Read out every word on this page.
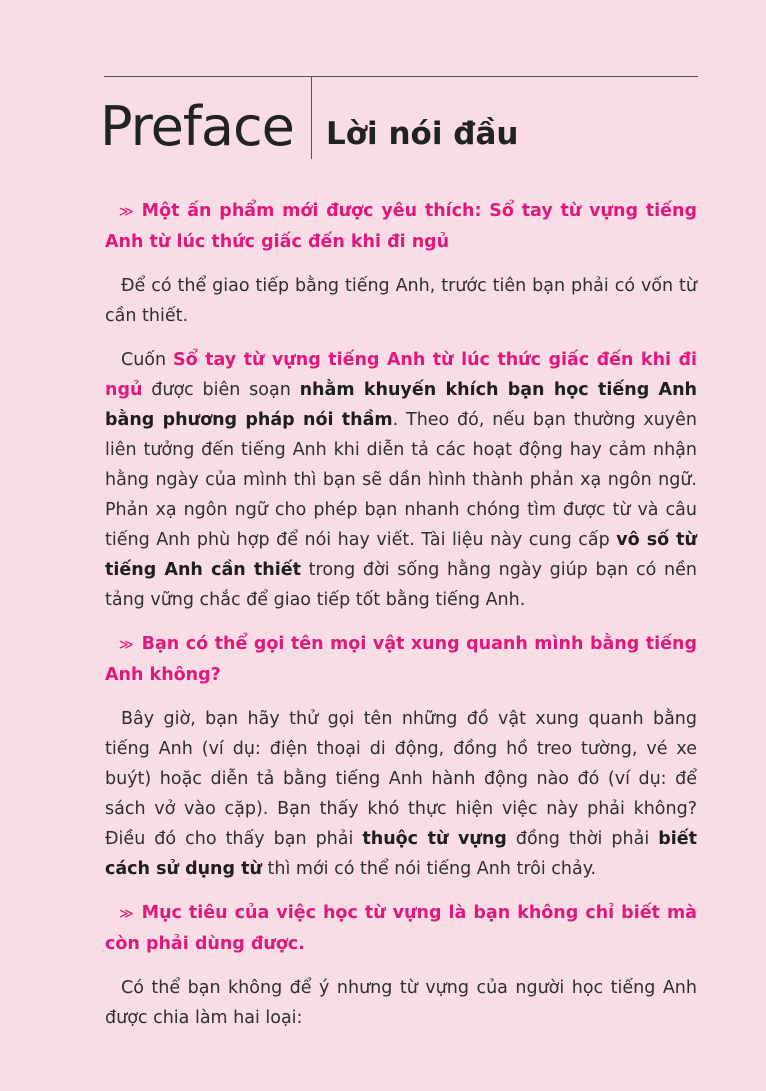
Preface Lời nói đầu

≫ Một ấn phẩm mới được yêu thích: Sổ tay từ vựng tiếng Anh từ lúc thức giấc đến khi đi ngủ

Để có thể giao tiếp bằng tiếng Anh, trước tiên bạn phải có vốn từ cần thiết.

Cuốn Sổ tay từ vựng tiếng Anh từ lúc thức giấc đến khi đi ngủ được biên soạn nhằm khuyến khích bạn học tiếng Anh bằng phương pháp nói thầm. Theo đó, nếu bạn thường xuyên liên tưởng đến tiếng Anh khi diễn tả các hoạt động hay cảm nhận hằng ngày của mình thì bạn sẽ dần hình thành phản xạ ngôn ngữ. Phản xạ ngôn ngữ cho phép bạn nhanh chóng tìm được từ và câu tiếng Anh phù hợp để nói hay viết. Tài liệu này cung cấp vô số từ tiếng Anh cần thiết trong đời sống hằng ngày giúp bạn có nền tảng vững chắc để giao tiếp tốt bằng tiếng Anh.

≫ Bạn có thể gọi tên mọi vật xung quanh mình bằng tiếng Anh không?

Bây giờ, bạn hãy thử gọi tên những đồ vật xung quanh bằng tiếng Anh (ví dụ: điện thoại di động, đồng hồ treo tường, vé xe buýt) hoặc diễn tả bằng tiếng Anh hành động nào đó (ví dụ: để sách vở vào cặp). Bạn thấy khó thực hiện việc này phải không? Điều đó cho thấy bạn phải thuộc từ vựng đồng thời phải biết cách sử dụng từ thì mới có thể nói tiếng Anh trôi chảy.

≫ Mục tiêu của việc học từ vựng là bạn không chỉ biết mà còn phải dùng được.

Có thể bạn không để ý nhưng từ vựng của người học tiếng Anh được chia làm hai loại:
